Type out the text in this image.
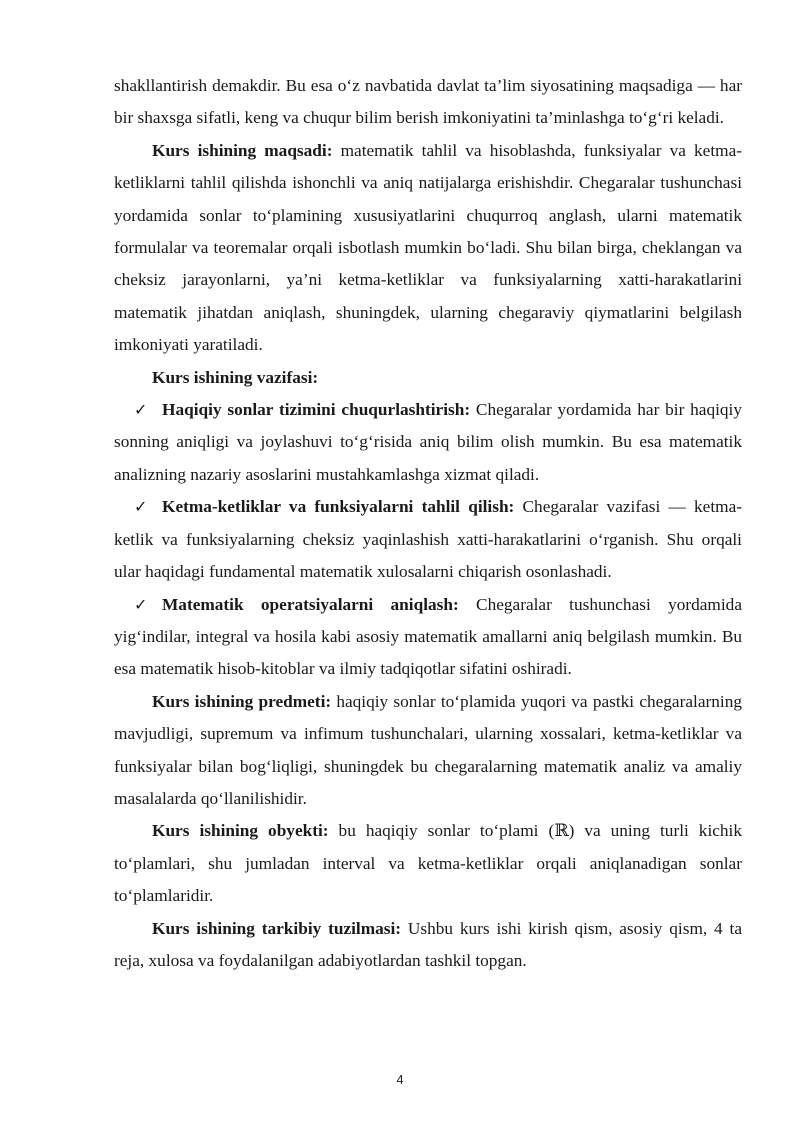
shakllantirish demakdir. Bu esa o‘z navbatida davlat ta’lim siyosatining maqsadiga — har bir shaxsga sifatli, keng va chuqur bilim berish imkoniyatini ta’minlashga to‘g‘ri keladi.

Kurs ishining maqsadi: matematik tahlil va hisoblashda, funksiyalar va ketma-ketliklarni tahlil qilishda ishonchli va aniq natijalarga erishishdir. Chegaralar tushunchasi yordamida sonlar to‘plamining xususiyatlarini chuqurroq anglash, ularni matematik formulalar va teoremalar orqali isbotlash mumkin bo‘ladi. Shu bilan birga, cheklangan va cheksiz jarayonlarni, ya’ni ketma-ketliklar va funksiyalarning xatti-harakatlarini matematik jihatdan aniqlash, shuningdek, ularning chegaraviy qiymatlarini belgilash imkoniyati yaratiladi.

Kurs ishining vazifasi:

✓ Haqiqiy sonlar tizimini chuqurlashtirish: Chegaralar yordamida har bir haqiqiy sonning aniqligi va joylashuvi to‘g‘risida aniq bilim olish mumkin. Bu esa matematik analizning nazariy asoslarini mustahkamlashga xizmat qiladi.

✓ Ketma-ketliklar va funksiyalarni tahlil qilish: Chegaralar vazifasi — ketma-ketlik va funksiyalarning cheksiz yaqinlashish xatti-harakatlarini o‘rganish. Shu orqali ular haqidagi fundamental matematik xulosalarni chiqarish osonlashadi.

✓ Matematik operatsiyalarni aniqlash: Chegaralar tushunchasi yordamida yig‘indilar, integral va hosila kabi asosiy matematik amallarni aniq belgilash mumkin. Bu esa matematik hisob-kitoblar va ilmiy tadqiqotlar sifatini oshiradi.

Kurs ishining predmeti: haqiqiy sonlar to‘plamida yuqori va pastki chegaralarning mavjudligi, supremum va infimum tushunchalari, ularning xossalari, ketma-ketliklar va funksiyalar bilan bog‘liqligi, shuningdek bu chegaralarning matematik analiz va amaliy masalalarda qo‘llanilishidir.

Kurs ishining obyekti: bu haqiqiy sonlar to‘plami (ℝ) va uning turli kichik to‘plamlari, shu jumladan interval va ketma-ketliklar orqali aniqlanadigan sonlar to‘plamlaridir.

Kurs ishining tarkibiy tuzilmasi: Ushbu kurs ishi kirish qism, asosiy qism, 4 ta reja, xulosa va foydalanilgan adabiyotlardan tashkil topgan.

4
